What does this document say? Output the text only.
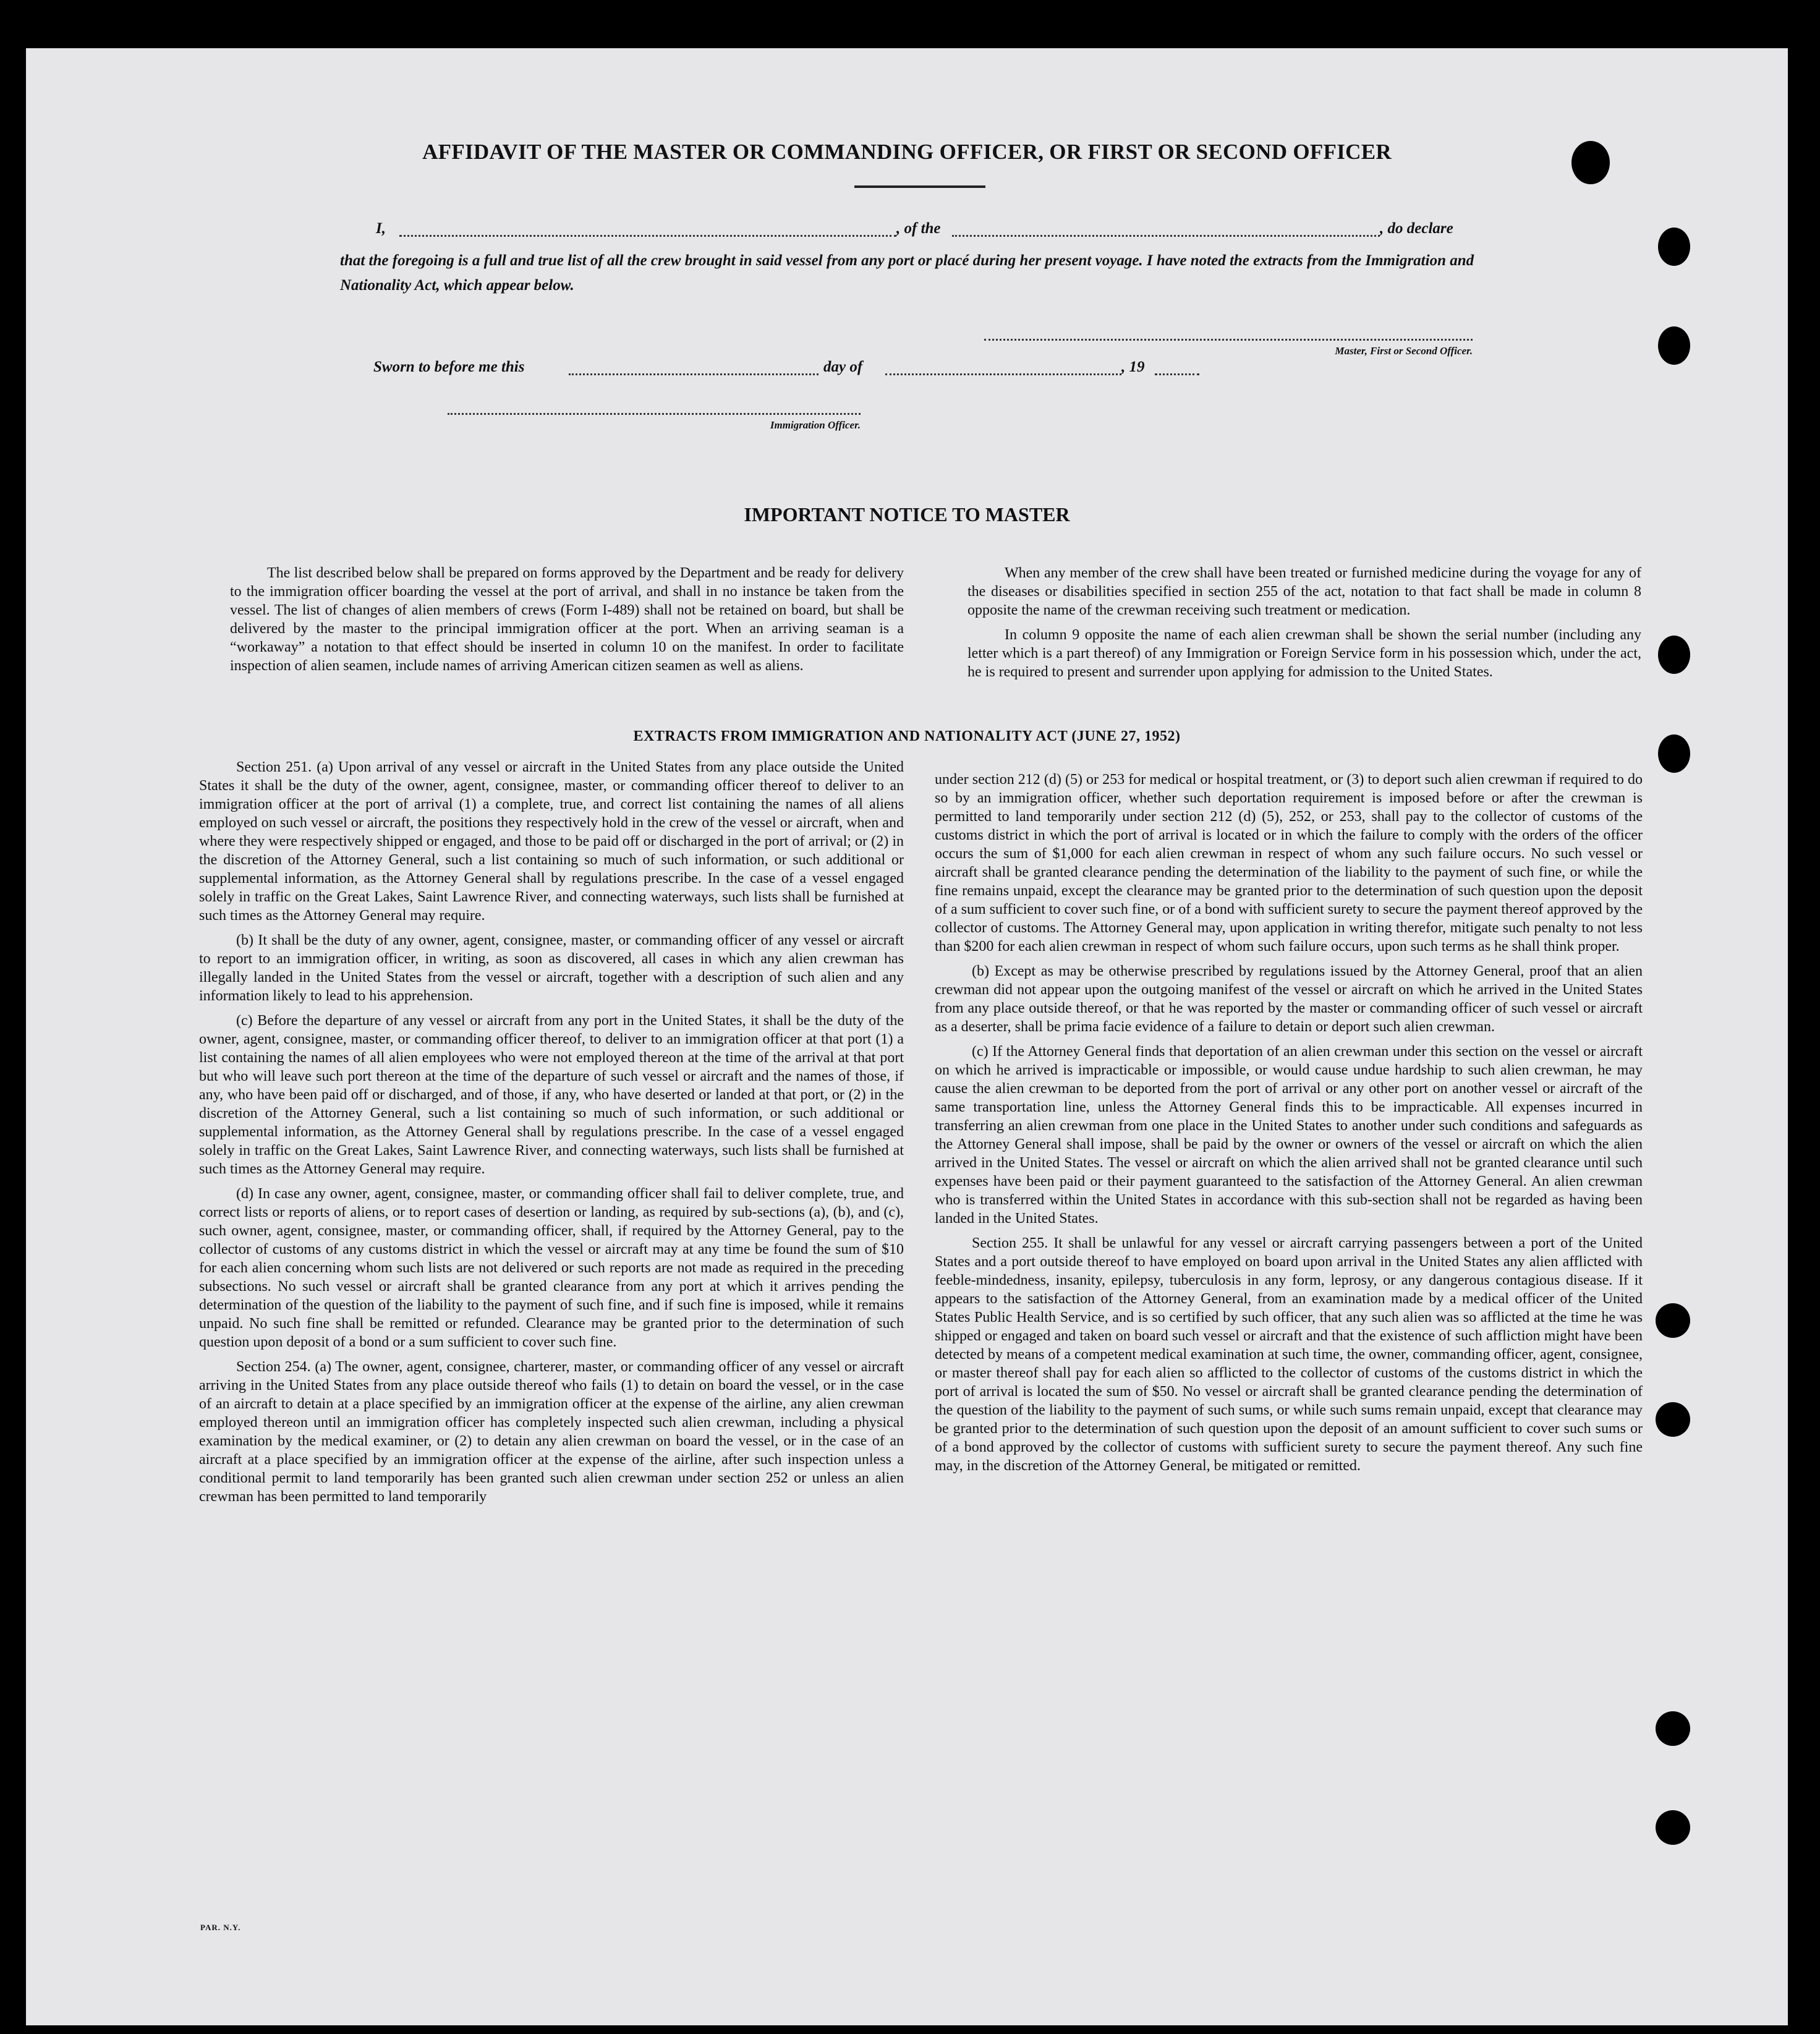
AFFIDAVIT OF THE MASTER OR COMMANDING OFFICER, OR FIRST OR SECOND OFFICER
I,	, of the	, do declare
that the foregoing is a full and true list of all the crew brought in said vessel from any port or placé during her present voyage. I have noted the extracts from the Immigration and Nationality Act, which appear below.
Master, First or Second Officer.
Sworn to before me this	day of	, 19
Immigration Officer.
IMPORTANT NOTICE TO MASTER

The list described below shall be prepared on forms approved by the Department and be ready for delivery to the immigration officer boarding the vessel at the port of arrival, and shall in no instance be taken from the vessel. The list of changes of alien members of crews (Form I-489) shall not be retained on board, but shall be delivered by the master to the principal immigration officer at the port. When an arriving seaman is a “workaway” a notation to that effect should be inserted in column 10 on the manifest. In order to facilitate inspection of alien seamen, include names of arriving American citizen seamen as well as aliens.

When any member of the crew shall have been treated or furnished medicine during the voyage for any of the diseases or disabilities specified in section 255 of the act, notation to that fact shall be made in column 8 opposite the name of the crewman receiving such treatment or medication.

In column 9 opposite the name of each alien crewman shall be shown the serial number (including any letter which is a part thereof) of any Immigration or Foreign Service form in his possession which, under the act, he is required to present and surrender upon applying for admission to the United States.

EXTRACTS FROM IMMIGRATION AND NATIONALITY ACT (JUNE 27, 1952)

Section 251. (a) Upon arrival of any vessel or aircraft in the United States from any place outside the United States it shall be the duty of the owner, agent, consignee, master, or commanding officer thereof to deliver to an immigration officer at the port of arrival (1) a complete, true, and correct list containing the names of all aliens employed on such vessel or aircraft, the positions they respectively hold in the crew of the vessel or aircraft, when and where they were respectively shipped or engaged, and those to be paid off or discharged in the port of arrival; or (2) in the discretion of the Attorney General, such a list containing so much of such information, or such additional or supplemental information, as the Attorney General shall by regulations prescribe. In the case of a vessel engaged solely in traffic on the Great Lakes, Saint Lawrence River, and connecting waterways, such lists shall be furnished at such times as the Attorney General may require.

(b) It shall be the duty of any owner, agent, consignee, master, or commanding officer of any vessel or aircraft to report to an immigration officer, in writing, as soon as discovered, all cases in which any alien crewman has illegally landed in the United States from the vessel or aircraft, together with a description of such alien and any information likely to lead to his apprehension.

(c) Before the departure of any vessel or aircraft from any port in the United States, it shall be the duty of the owner, agent, consignee, master, or commanding officer thereof, to deliver to an immigration officer at that port (1) a list containing the names of all alien employees who were not employed thereon at the time of the arrival at that port but who will leave such port thereon at the time of the departure of such vessel or aircraft and the names of those, if any, who have been paid off or discharged, and of those, if any, who have deserted or landed at that port, or (2) in the discretion of the Attorney General, such a list containing so much of such information, or such additional or supplemental information, as the Attorney General shall by regulations prescribe. In the case of a vessel engaged solely in traffic on the Great Lakes, Saint Lawrence River, and connecting waterways, such lists shall be furnished at such times as the Attorney General may require.

(d) In case any owner, agent, consignee, master, or commanding officer shall fail to deliver complete, true, and correct lists or reports of aliens, or to report cases of desertion or landing, as required by sub-sections (a), (b), and (c), such owner, agent, consignee, master, or commanding officer, shall, if required by the Attorney General, pay to the collector of customs of any customs district in which the vessel or aircraft may at any time be found the sum of $10 for each alien concerning whom such lists are not delivered or such reports are not made as required in the preceding subsections. No such vessel or aircraft shall be granted clearance from any port at which it arrives pending the determination of the question of the liability to the payment of such fine, and if such fine is imposed, while it remains unpaid. No such fine shall be remitted or refunded. Clearance may be granted prior to the determination of such question upon deposit of a bond or a sum sufficient to cover such fine.

Section 254. (a) The owner, agent, consignee, charterer, master, or commanding officer of any vessel or aircraft arriving in the United States from any place outside thereof who fails (1) to detain on board the vessel, or in the case of an aircraft to detain at a place specified by an immigration officer at the expense of the airline, any alien crewman employed thereon until an immigration officer has completely inspected such alien crewman, including a physical examination by the medical examiner, or (2) to detain any alien crewman on board the vessel, or in the case of an aircraft at a place specified by an immigration officer at the expense of the airline, after such inspection unless a conditional permit to land temporarily has been granted such alien crewman under section 252 or unless an alien crewman has been permitted to land temporarily

under section 212 (d) (5) or 253 for medical or hospital treatment, or (3) to deport such alien crewman if required to do so by an immigration officer, whether such deportation requirement is imposed before or after the crewman is permitted to land temporarily under section 212 (d) (5), 252, or 253, shall pay to the collector of customs of the customs district in which the port of arrival is located or in which the failure to comply with the orders of the officer occurs the sum of $1,000 for each alien crewman in respect of whom any such failure occurs. No such vessel or aircraft shall be granted clearance pending the determination of the liability to the payment of such fine, or while the fine remains unpaid, except the clearance may be granted prior to the determination of such question upon the deposit of a sum sufficient to cover such fine, or of a bond with sufficient surety to secure the payment thereof approved by the collector of customs. The Attorney General may, upon application in writing therefor, mitigate such penalty to not less than $200 for each alien crewman in respect of whom such failure occurs, upon such terms as he shall think proper.

(b) Except as may be otherwise prescribed by regulations issued by the Attorney General, proof that an alien crewman did not appear upon the outgoing manifest of the vessel or aircraft on which he arrived in the United States from any place outside thereof, or that he was reported by the master or commanding officer of such vessel or aircraft as a deserter, shall be prima facie evidence of a failure to detain or deport such alien crewman.

(c) If the Attorney General finds that deportation of an alien crewman under this section on the vessel or aircraft on which he arrived is impracticable or impossible, or would cause undue hardship to such alien crewman, he may cause the alien crewman to be deported from the port of arrival or any other port on another vessel or aircraft of the same transportation line, unless the Attorney General finds this to be impracticable. All expenses incurred in transferring an alien crewman from one place in the United States to another under such conditions and safeguards as the Attorney General shall impose, shall be paid by the owner or owners of the vessel or aircraft on which the alien arrived in the United States. The vessel or aircraft on which the alien arrived shall not be granted clearance until such expenses have been paid or their payment guaranteed to the satisfaction of the Attorney General. An alien crewman who is transferred within the United States in accordance with this sub-section shall not be regarded as having been landed in the United States.

Section 255. It shall be unlawful for any vessel or aircraft carrying passengers between a port of the United States and a port outside thereof to have employed on board upon arrival in the United States any alien afflicted with feeble-mindedness, insanity, epilepsy, tuberculosis in any form, leprosy, or any dangerous contagious disease. If it appears to the satisfaction of the Attorney General, from an examination made by a medical officer of the United States Public Health Service, and is so certified by such officer, that any such alien was so afflicted at the time he was shipped or engaged and taken on board such vessel or aircraft and that the existence of such affliction might have been detected by means of a competent medical examination at such time, the owner, commanding officer, agent, consignee, or master thereof shall pay for each alien so afflicted to the collector of customs of the customs district in which the port of arrival is located the sum of $50. No vessel or aircraft shall be granted clearance pending the determination of the question of the liability to the payment of such sums, or while such sums remain unpaid, except that clearance may be granted prior to the determination of such question upon the deposit of an amount sufficient to cover such sums or of a bond approved by the collector of customs with sufficient surety to secure the payment thereof. Any such fine may, in the discretion of the Attorney General, be mitigated or remitted.

PAR. N.Y.
